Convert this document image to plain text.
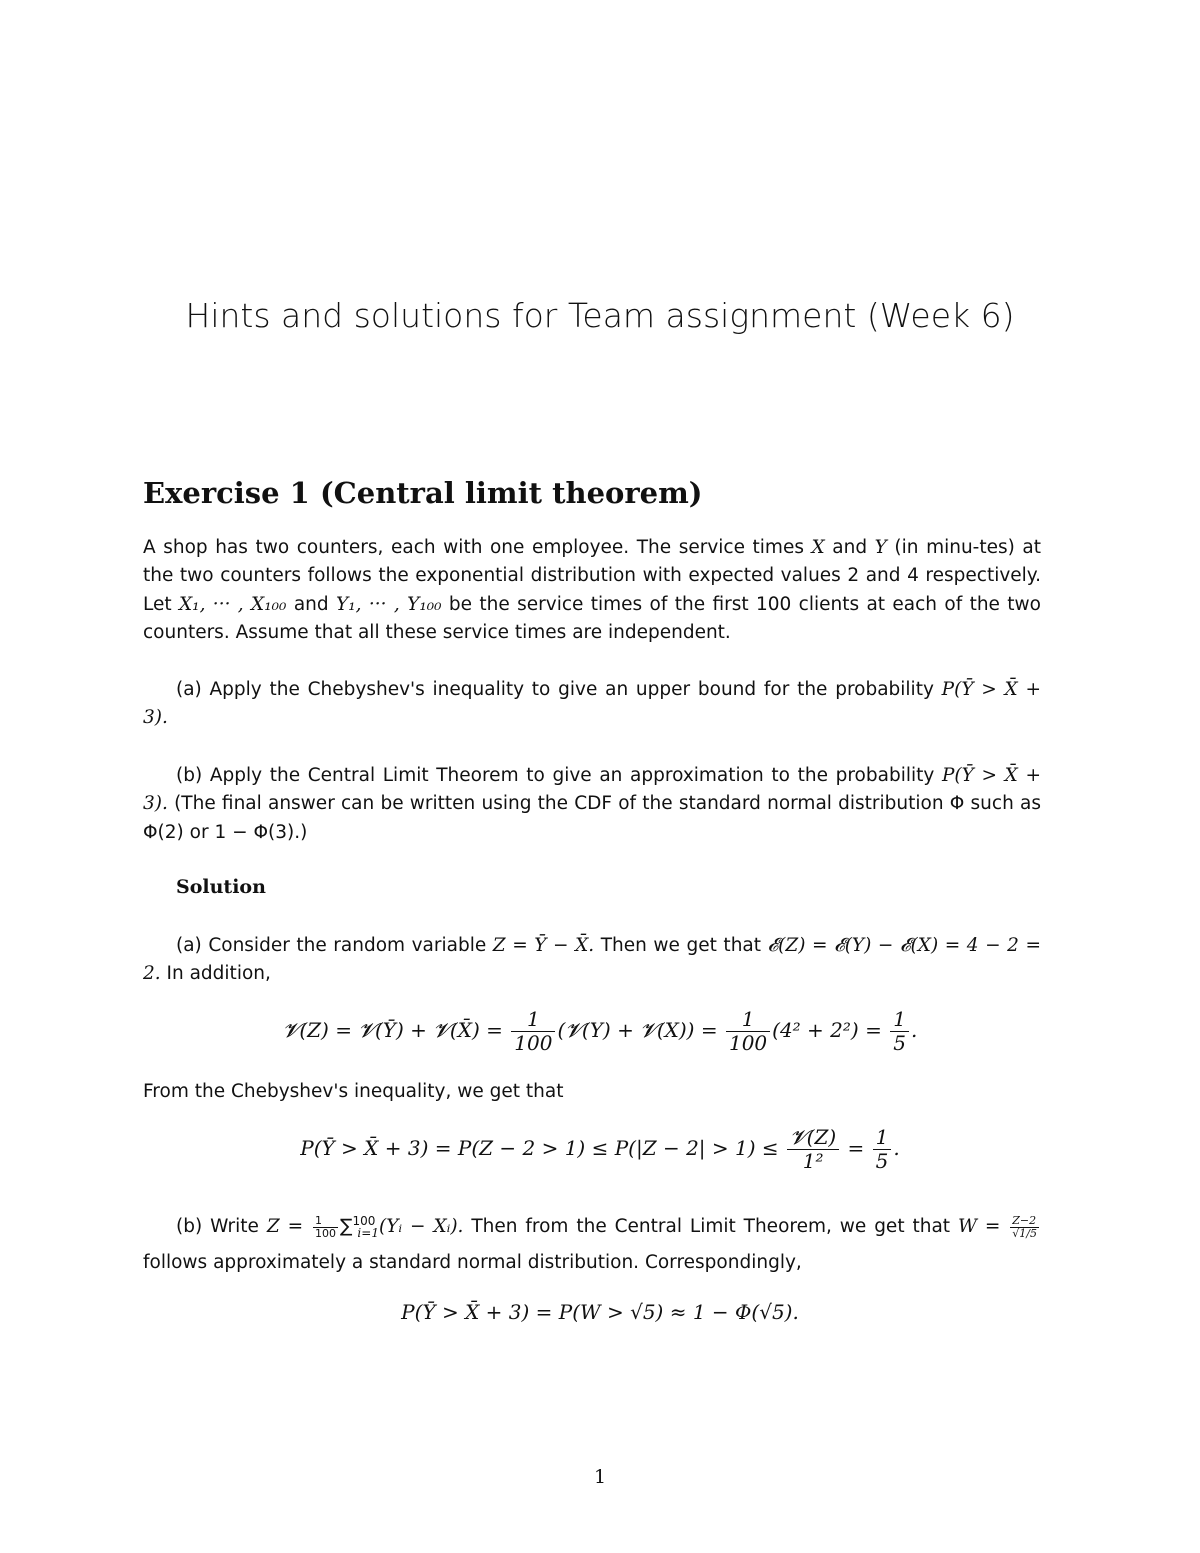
Hints and solutions for Team assignment (Week 6)
Exercise 1 (Central limit theorem)
A shop has two counters, each with one employee. The service times X and Y (in minu-tes) at the two counters follows the exponential distribution with expected values 2 and 4 respectively. Let X₁, ··· , X₁₀₀ and Y₁, ··· , Y₁₀₀ be the service times of the first 100 clients at each of the two counters. Assume that all these service times are independent.
(a) Apply the Chebyshev's inequality to give an upper bound for the probability P(Ȳ > X̄ + 3).
(b) Apply the Central Limit Theorem to give an approximation to the probability P(Ȳ > X̄ + 3). (The final answer can be written using the CDF of the standard normal distribution Φ such as Φ(2) or 1 − Φ(3).)
Solution
(a) Consider the random variable Z = Ȳ − X̄. Then we get that 𝓔(Z) = 𝓔(Y) − 𝓔(X) = 4 − 2 = 2. In addition,
𝓥(Z) = 𝓥(Ȳ) + 𝓥(X̄) = $\frac{1}{100}$ (𝓥(Y) + 𝓥(X)) = $\frac{1}{100} (4^2 + 2^2) = \frac{1}{5}$ .
From the Chebyshev's inequality, we get that
P(Ȳ > X̄ + $3) = P(Z - 2 > 1) \le P(|Z - 2| > 1) \le \frac{\text{𝓥(Z)}}{\text{1²}} = \frac{1}{5}$ .
(b) Write $Z = \frac{1}{100}$ ∑$^{100}_{i=1}$(Yᵢ − Xᵢ). Then from the Central Limit Theorem, we get that $W = \frac{Z-2}{√1/5}$
follows approximately a standard normal distribution. Correspondingly,
P(Ȳ > X̄ + 3) = P(W > √5) ≈ 1 − Φ(√5).
1
